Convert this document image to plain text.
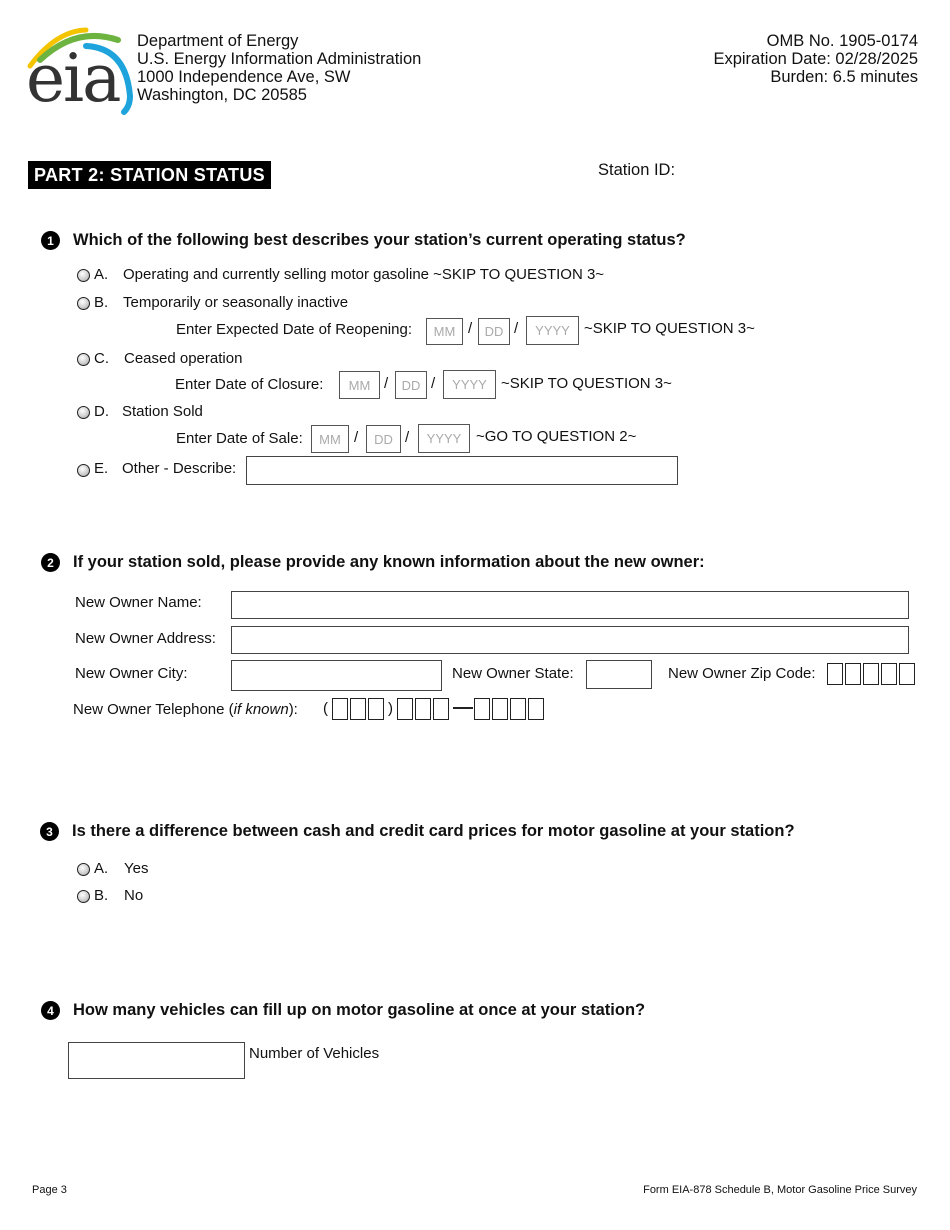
eia Department of Energy
U.S. Energy Information Administration
1000 Independence Ave, SW
Washington, DC 20585
OMB No. 1905-0174
Expiration Date: 02/28/2025
Burden: 6.5 minutes
PART 2: STATION STATUS	Station ID:
1	Which of the following best describes your station’s current operating status?
A. Operating and currently selling motor gasoline ~SKIP TO QUESTION 3~
B. Temporarily or seasonally inactive
Enter Expected Date of Reopening:	MM / DD /	YYYY ~SKIP TO QUESTION 3~
C. Ceased operation
Enter Date of Closure:	MM /	DD /	YYYY ~SKIP TO QUESTION 3~
D. Station Sold
Enter Date of Sale:	MM /	DD /	YYYY ~GO TO QUESTION 2~
E. Other - Describe:
2	If your station sold, please provide any known information about the new owner:
New Owner Name:
New Owner Address:
New Owner City:	New Owner State:	New Owner Zip Code:
New Owner Telephone (if known): (	)
3	Is there a difference between cash and credit card prices for motor gasoline at your station?
A. Yes
B. No
4	How many vehicles can fill up on motor gasoline at once at your station?
Number of Vehicles
Page 3	Form EIA-878 Schedule B, Motor Gasoline Price Survey
